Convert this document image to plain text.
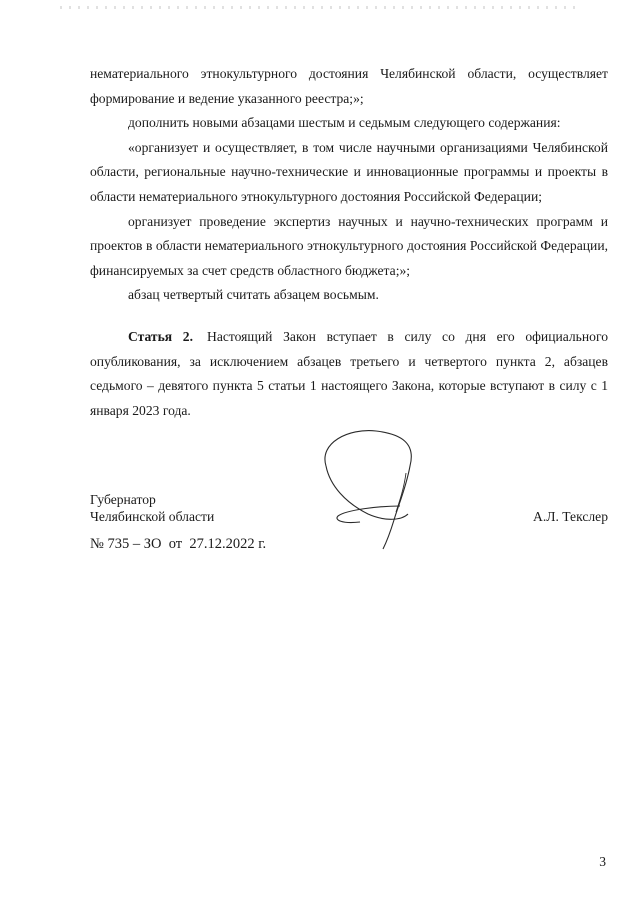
нематериального этнокультурного достояния Челябинской области, осуществляет формирование и ведение указанного реестра;»;

дополнить новыми абзацами шестым и седьмым следующего содержания:

«организует и осуществляет, в том числе научными организациями Челябинской области, региональные научно-технические и инновационные программы и проекты в области нематериального этнокультурного достояния Российской Федерации;

организует проведение экспертиз научных и научно-технических программ и проектов в области нематериального этнокультурного достояния Российской Федерации, финансируемых за счет средств областного бюджета;»;

абзац четвертый считать абзацем восьмым.

Статья 2. Настоящий Закон вступает в силу со дня его официального опубликования, за исключением абзацев третьего и четвертого пункта 2, абзацев седьмого – девятого пункта 5 статьи 1 настоящего Закона, которые вступают в силу с 1 января 2023 года.

Губернатор
Челябинской области	А.Л. Текслер
№ 735 – ЗО  от  27.12.2022 г.
3
